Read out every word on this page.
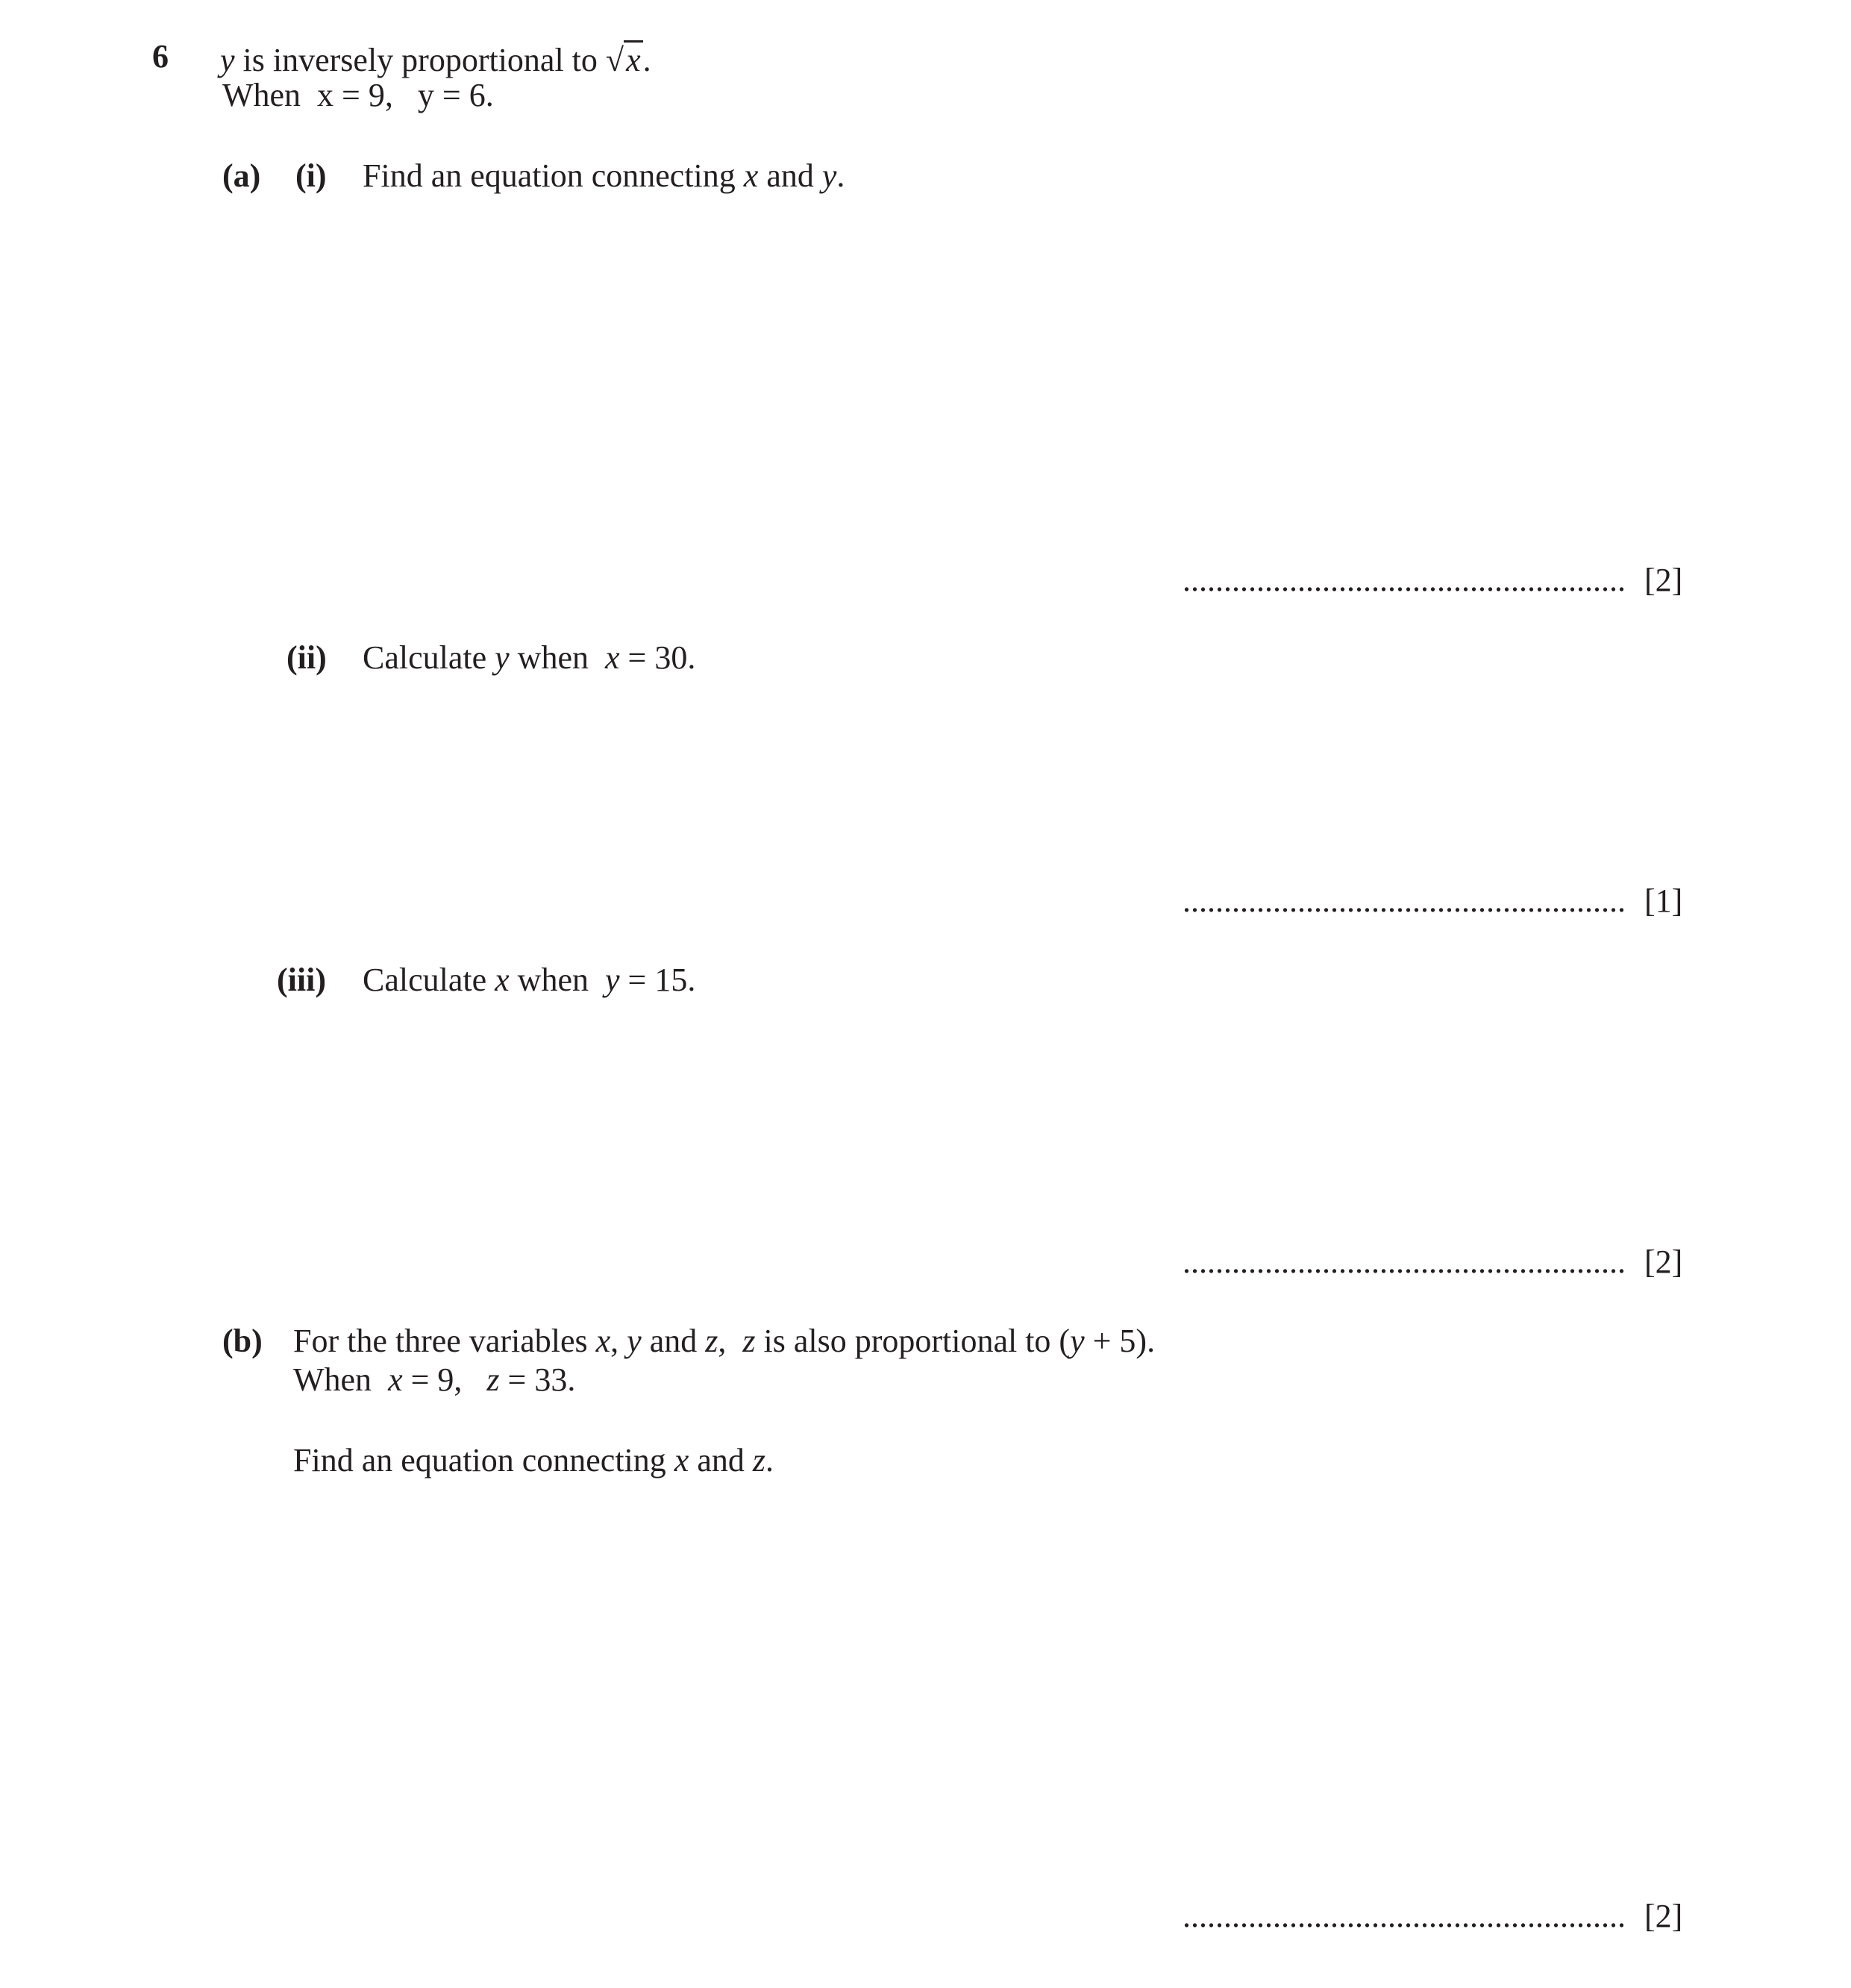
6 y is inversely proportional to √x.
When  x = 9,   y = 6.
(a) (i) Find an equation connecting x and y.
...................................................... [2]
(ii) Calculate y when  x = 30.
...................................................... [1]
(iii) Calculate x when  y = 15.
...................................................... [2]
(b) For the three variables x, y and z,  z is also proportional to (y + 5).
When  x = 9,   z = 33.
Find an equation connecting x and z.
...................................................... [2]
